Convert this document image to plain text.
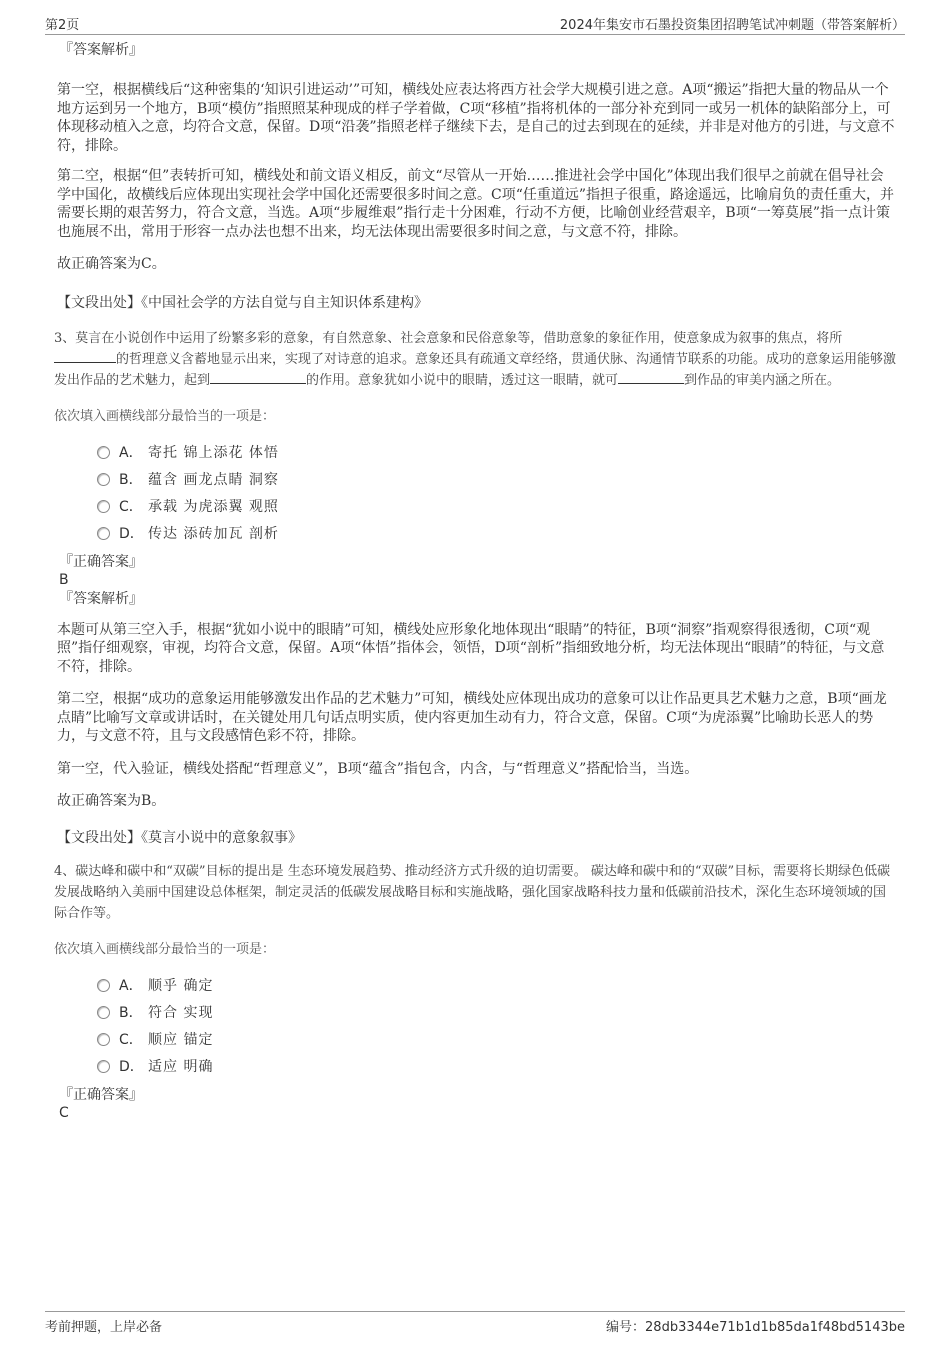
第2页	2024年集安市石墨投资集团招聘笔试冲刺题（带答案解析）
『答案解析』

第一空，根据横线后“这种密集的‘知识引进运动’”可知，横线处应表达将西方社会学大规模引进之意。A项“搬运”指把大量的物品从一个地方运到另一个地方，B项“模仿”指照照某种现成的样子学着做，C项“移植”指将机体的一部分补充到同一或另一机体的缺陷部分上，可体现移动植入之意，均符合文意，保留。D项“沿袭”指照老样子继续下去，是自己的过去到现在的延续，并非是对他方的引进，与文意不符，排除。

第二空，根据“但”表转折可知，横线处和前文语义相反，前文“尽管从一开始……推进社会学中国化”体现出我们很早之前就在倡导社会学中国化，故横线后应体现出实现社会学中国化还需要很多时间之意。C项“任重道远”指担子很重，路途遥远，比喻肩负的责任重大，并需要长期的艰苦努力，符合文意，当选。A项“步履维艰”指行走十分困难，行动不方便，比喻创业经营艰辛，B项“一筹莫展”指一点计策也施展不出，常用于形容一点办法也想不出来，均无法体现出需要很多时间之意，与文意不符，排除。

故正确答案为C。

【文段出处】《中国社会学的方法自觉与自主知识体系建构》

3、莫言在小说创作中运用了纷繁多彩的意象，有自然意象、社会意象和民俗意象等，借助意象的象征作用，使意象成为叙事的焦点，将所的哲理意义含蓄地显示出来，实现了对诗意的追求。意象还具有疏通文章经络，贯通伏脉、沟通情节联系的功能。成功的意象运用能够激发出作品的艺术魅力，起到	的作用。意象犹如小说中的眼睛，透过这一眼睛，就可	到作品的审美内涵之所在。

依次填入画横线部分最恰当的一项是：

A． 寄托 锦上添花 体悟
B． 蕴含 画龙点睛 洞察
C． 承载 为虎添翼 观照
D． 传达 添砖加瓦 剖析
『正确答案』
B
『答案解析』

本题可从第三空入手，根据“犹如小说中的眼睛”可知，横线处应形象化地体现出“眼睛”的特征，B项“洞察”指观察得很透彻，C项“观照”指仔细观察，审视，均符合文意，保留。A项“体悟”指体会，领悟，D项“剖析”指细致地分析，均无法体现出“眼睛”的特征，与文意不符，排除。

第二空，根据“成功的意象运用能够激发出作品的艺术魅力”可知，横线处应体现出成功的意象可以让作品更具艺术魅力之意，B项“画龙点睛”比喻写文章或讲话时，在关键处用几句话点明实质，使内容更加生动有力，符合文意，保留。C项“为虎添翼”比喻助长恶人的势力，与文意不符，且与文段感情色彩不符，排除。

第一空，代入验证，横线处搭配“哲理意义”，B项“蕴含”指包含，内含，与“哲理意义”搭配恰当，当选。

故正确答案为B。

【文段出处】《莫言小说中的意象叙事》

4、碳达峰和碳中和“双碳”目标的提出是 生态环境发展趋势、推动经济方式升级的迫切需要。 碳达峰和碳中和的“双碳”目标，需要将长期绿色低碳发展战略纳入美丽中国建设总体框架，制定灵活的低碳发展战略目标和实施战略，强化国家战略科技力量和低碳前沿技术，深化生态环境领域的国际合作等。

依次填入画横线部分最恰当的一项是：

A． 顺乎 确定
B． 符合 实现
C． 顺应 锚定
D． 适应 明确
『正确答案』
C
考前押题，上岸必备	编号：28db3344e71b1d1b85da1f48bd5143be
